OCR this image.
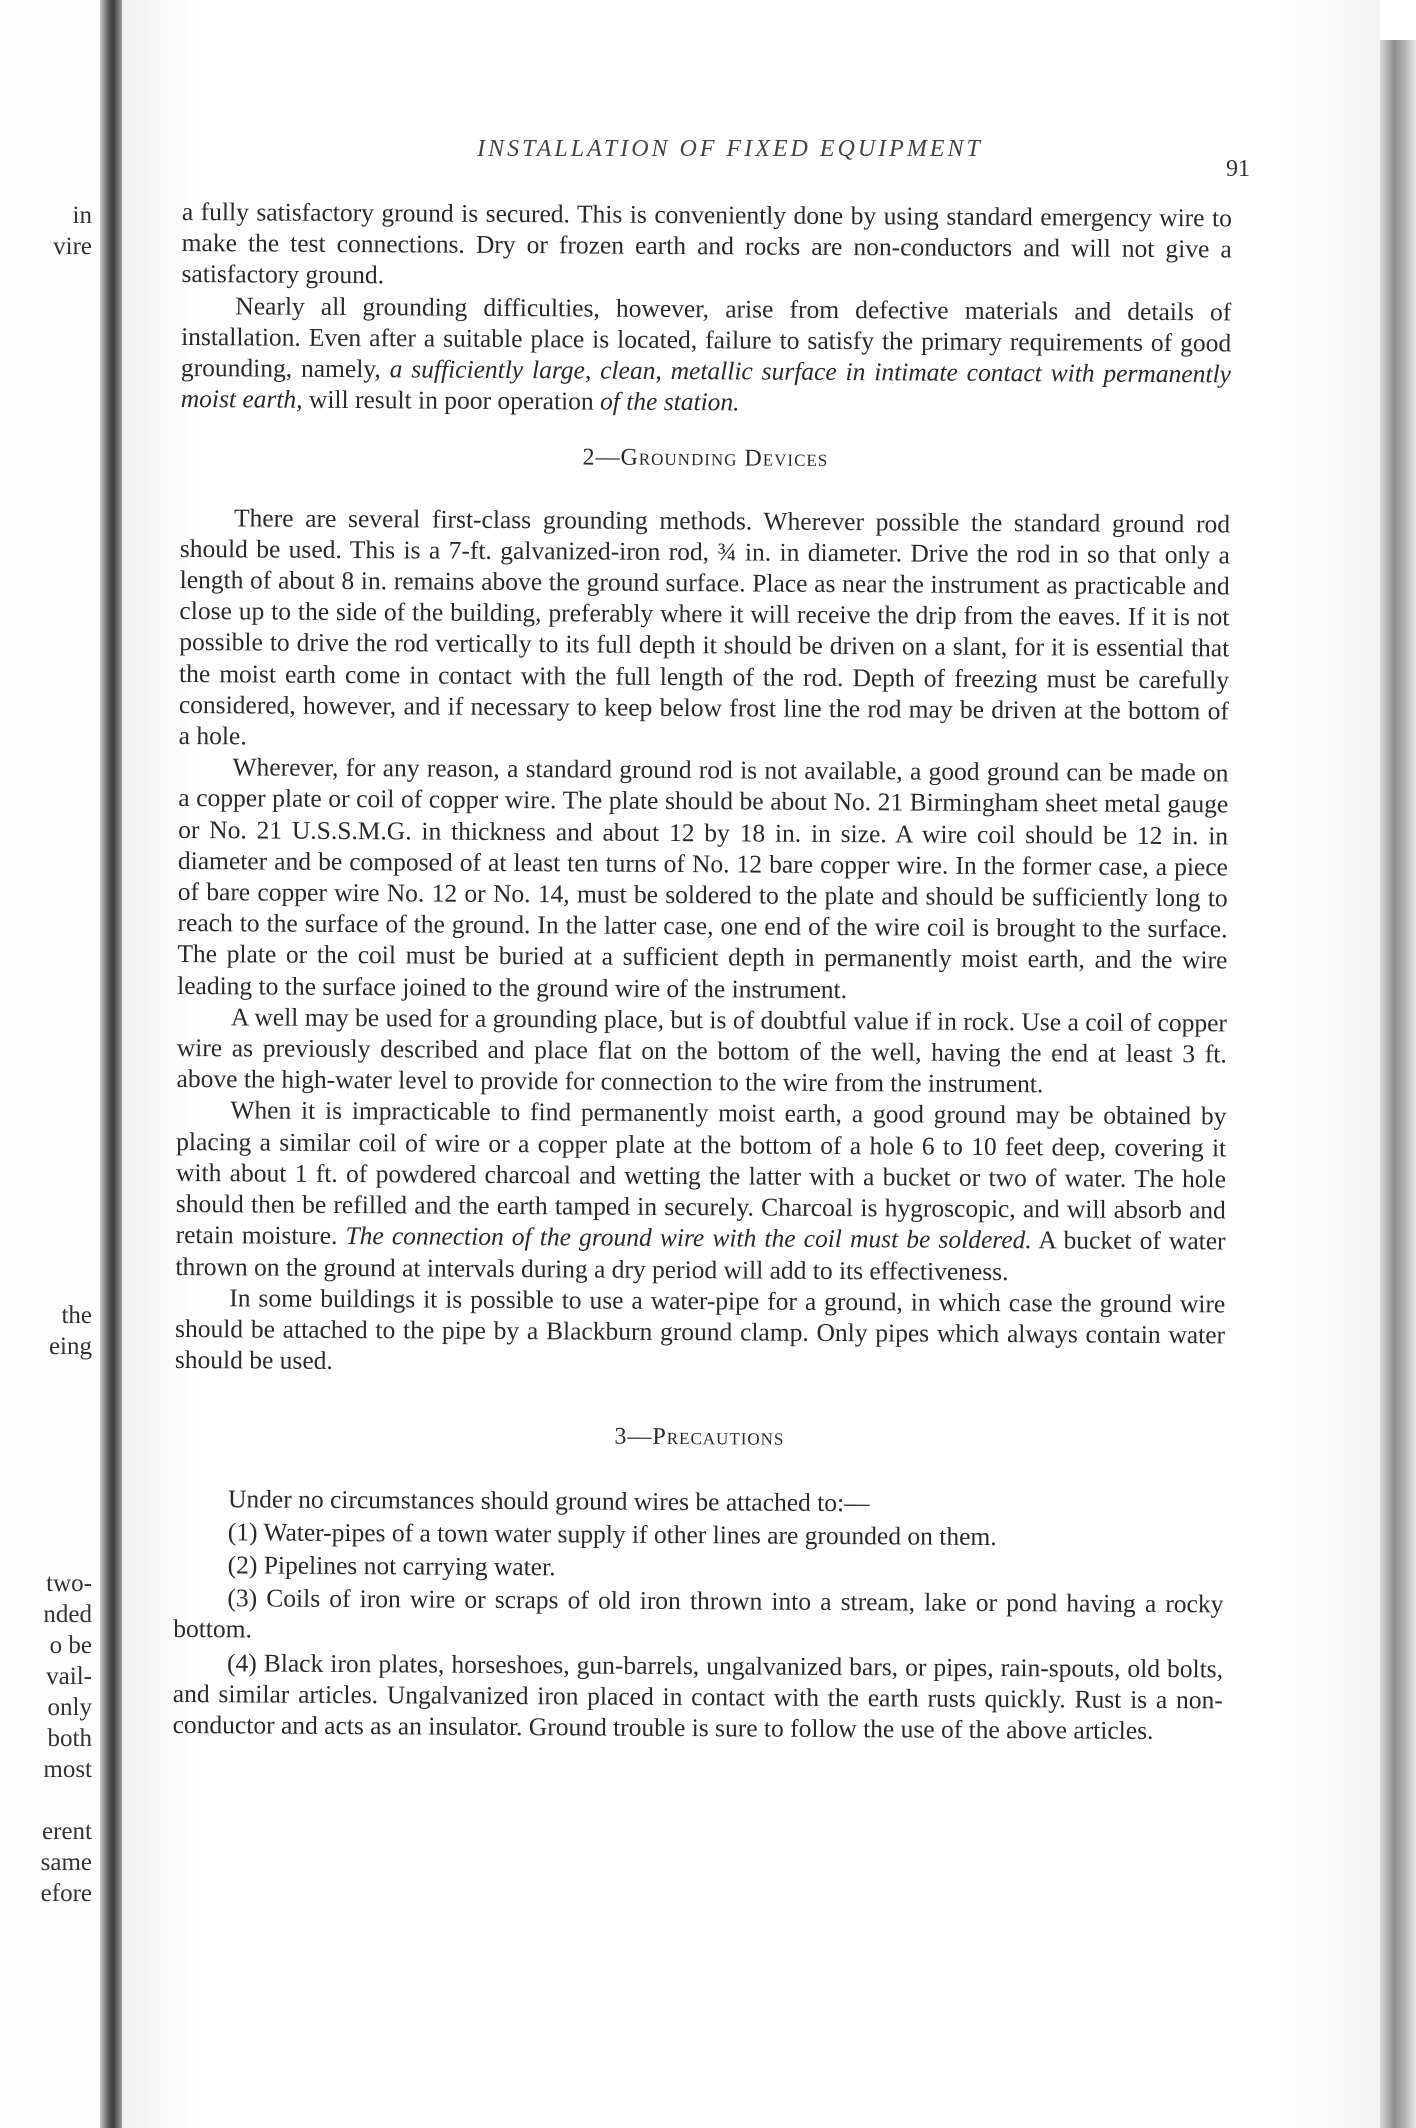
in
vire
the
eing
two-
nded
o be
vail-
only
both
most
erent
same
efore
INSTALLATION OF FIXED EQUIPMENT
91

a fully satisfactory ground is secured. This is conveniently done by using standard emergency wire to make the test connections. Dry or frozen earth and rocks are non-conductors and will not give a satisfactory ground.

Nearly all grounding difficulties, however, arise from defective materials and details of installation. Even after a suitable place is located, failure to satisfy the primary requirements of good grounding, namely, a sufficiently large, clean, metallic surface in intimate contact with permanently moist earth, will result in poor operation of the station.

2—Grounding Devices

There are several first-class grounding methods. Wherever possible the standard ground rod should be used. This is a 7-ft. galvanized-iron rod, ¾ in. in diameter. Drive the rod in so that only a length of about 8 in. remains above the ground surface. Place as near the instrument as practicable and close up to the side of the building, preferably where it will receive the drip from the eaves. If it is not possible to drive the rod vertically to its full depth it should be driven on a slant, for it is essential that the moist earth come in contact with the full length of the rod. Depth of freezing must be carefully considered, however, and if necessary to keep below frost line the rod may be driven at the bottom of a hole.

Wherever, for any reason, a standard ground rod is not available, a good ground can be made on a copper plate or coil of copper wire. The plate should be about No. 21 Birmingham sheet metal gauge or No. 21 U.S.S.M.G. in thickness and about 12 by 18 in. in size. A wire coil should be 12 in. in diameter and be composed of at least ten turns of No. 12 bare copper wire. In the former case, a piece of bare copper wire No. 12 or No. 14, must be soldered to the plate and should be sufficiently long to reach to the surface of the ground. In the latter case, one end of the wire coil is brought to the surface. The plate or the coil must be buried at a sufficient depth in permanently moist earth, and the wire leading to the surface joined to the ground wire of the instrument.

A well may be used for a grounding place, but is of doubtful value if in rock. Use a coil of copper wire as previously described and place flat on the bottom of the well, having the end at least 3 ft. above the high-water level to provide for connection to the wire from the instrument.

When it is impracticable to find permanently moist earth, a good ground may be obtained by placing a similar coil of wire or a copper plate at the bottom of a hole 6 to 10 feet deep, covering it with about 1 ft. of powdered charcoal and wetting the latter with a bucket or two of water. The hole should then be refilled and the earth tamped in securely. Charcoal is hygroscopic, and will absorb and retain moisture. The connection of the ground wire with the coil must be soldered. A bucket of water thrown on the ground at intervals during a dry period will add to its effectiveness.

In some buildings it is possible to use a water-pipe for a ground, in which case the ground wire should be attached to the pipe by a Blackburn ground clamp. Only pipes which always contain water should be used.

3—Precautions

Under no circumstances should ground wires be attached to:—

(1) Water-pipes of a town water supply if other lines are grounded on them.

(2) Pipelines not carrying water.

(3) Coils of iron wire or scraps of old iron thrown into a stream, lake or pond having a rocky bottom.

(4) Black iron plates, horseshoes, gun-barrels, ungalvanized bars, or pipes, rain-spouts, old bolts, and similar articles. Ungalvanized iron placed in contact with the earth rusts quickly. Rust is a non-conductor and acts as an insulator. Ground trouble is sure to follow the use of the above articles.
